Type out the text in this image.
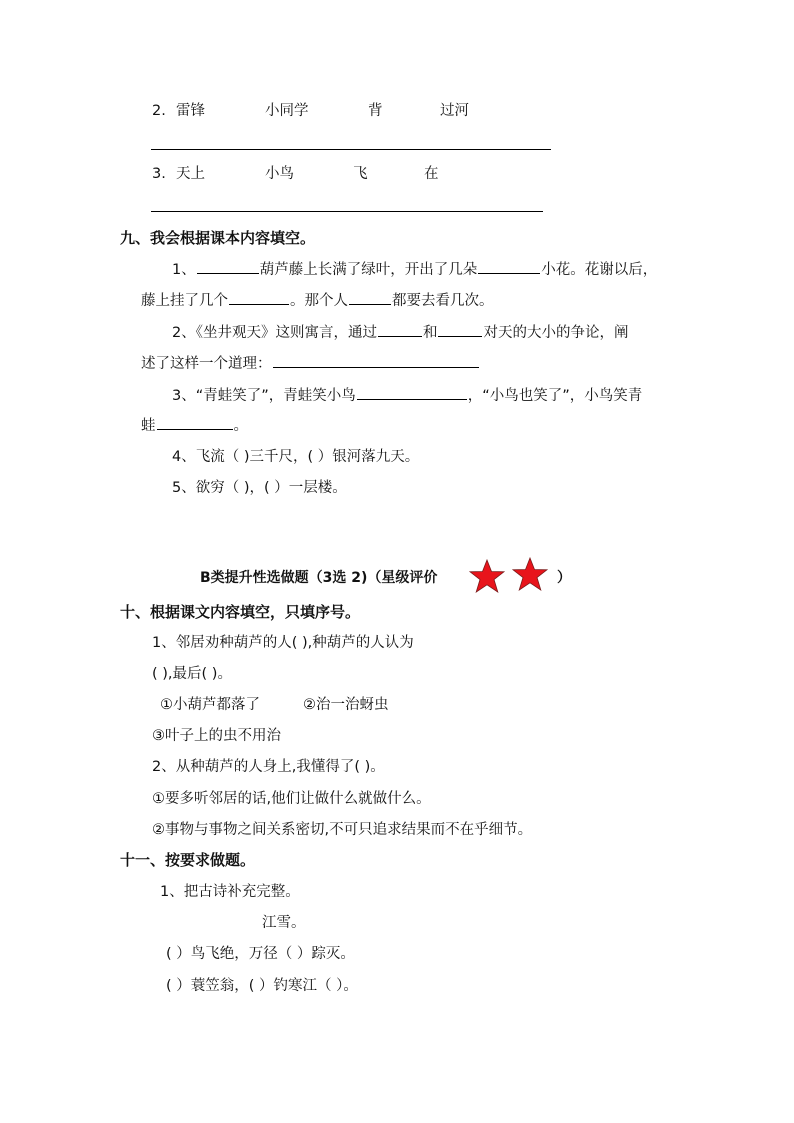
2. 雷锋	小同学	背	过河
3. 天上	小鸟	飞	在
九、我会根据课本内容填空。
1、	葫芦藤上长满了绿叶，开出了几朵	小花。花谢以后，
藤上挂了几个	。那个人	都要去看几次。
2、《坐井观天》这则寓言，通过	和	对天的大小的争论，阐
述了这样一个道理：
3、“青蛙笑了”，青蛙笑小鸟	，“小鸟也笑了”，小鸟笑青
蛙	。
4、飞流（ )三千尺，( ）银河落九天。
5、欲穷（ )，( ）一层楼。
B类提升性选做题（3选 2)（星级评价	）
十、根据课文内容填空，只填序号。
1、邻居劝种葫芦的人( ),种葫芦的人认为
( ),最后( )。
①小葫芦都落了	②治一治蚜虫
③叶子上的虫不用治
2、从种葫芦的人身上,我懂得了( )。
①要多听邻居的话,他们让做什么就做什么。
②事物与事物之间关系密切,不可只追求结果而不在乎细节。
十一、按要求做题。
1、把古诗补充完整。
江雪。
( ）鸟飞绝，万径（ ）踪灭。
( ）蓑笠翁，( ）钓寒江（ ）。
